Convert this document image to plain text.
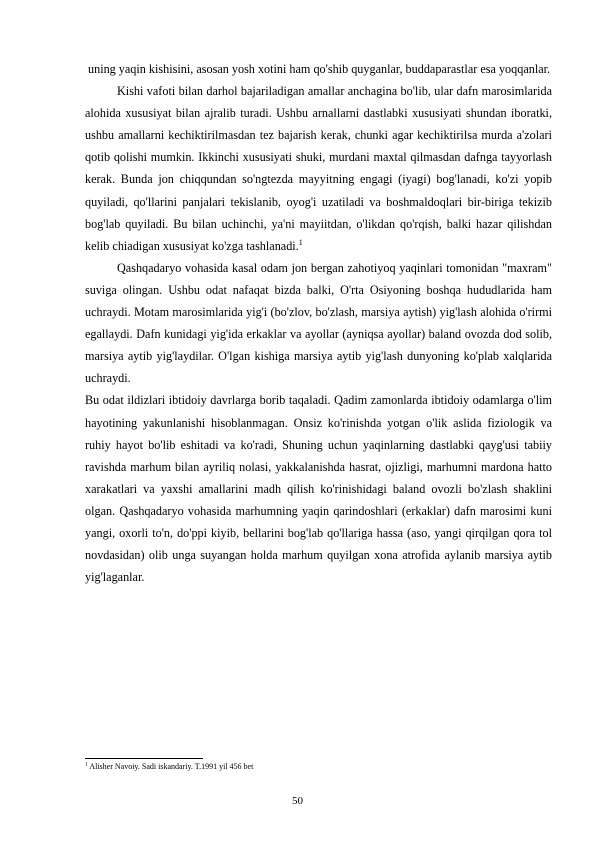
uning yaqin kishisini, asosan yosh xotini ham qo'shib quyganlar, buddaparastlar esa yoqqanlar.

Kishi vafoti bilan darhol bajariladigan amallar anchagina bo'lib, ular dafn marosimlarida alohida xususiyat bilan ajralib turadi. Ushbu arnallarni dastlabki xususiyati shundan iboratki, ushbu amallarni kechiktirilmasdan tez bajarish kerak, chunki agar kechiktirilsa murda a'zolari qotib qolishi mumkin. Ikkinchi xususiyati shuki, murdani maxtal qilmasdan dafnga tayyorlash kerak. Bunda jon chiqqundan so'ngtezda mayyitning engagi (iyagi) bog'lanadi, ko'zi yopib quyiladi, qo'llarini panjalari tekislanib, oyog'i uzatiladi va boshmaldoqlari bir-biriga tekizib bog'lab quyiladi. Bu bilan uchinchi, ya'ni mayiitdan, o'likdan qo'rqish, balki hazar qilishdan kelib chiadigan xususiyat ko'zga tashlanadi.$^1$

Qashqadaryo vohasida kasal odam jon bergan zahotiyoq yaqinlari tomonidan "maxram" suviga olingan. Ushbu odat nafaqat bizda balki, O'rta Osiyoning boshqa hududlarida ham uchraydi. Motam marosimlarida yig'i (bo'zlov, bo'zlash, marsiya aytish) yig'lash alohida o'rirmi egallaydi. Dafn kunidagi yig'ida erkaklar va ayollar (ayniqsa ayollar) baland ovozda dod solib, marsiya aytib yig'laydilar. O'lgan kishiga marsiya aytib yig'lash dunyoning ko'plab xalqlarida uchraydi.

Bu odat ildizlari ibtidoiy davrlarga borib taqaladi. Qadim zamonlarda ibtidoiy odamlarga o'lim hayotining yakunlanishi hisoblanmagan. Onsiz ko'rinishda yotgan o'lik aslida fiziologik va ruhiy hayot bo'lib eshitadi va ko'radi, Shuning uchun yaqinlarning dastlabki qayg'usi tabiiy ravishda marhum bilan ayriliq nolasi, yakkalanishda hasrat, ojizligi, marhumni mardona hatto xarakatlari va yaxshi amallarini madh qilish ko'rinishidagi baland ovozli bo'zlash shaklini olgan. Qashqadaryo vohasida marhumning yaqin qarindoshlari (erkaklar) dafn marosimi kuni yangi, oxorli to'n, do'ppi kiyib, bellarini bog'lab qo'llariga hassa (aso, yangi qirqilgan qora tol novdasidan) olib unga suyangan holda marhum quyilgan xona atrofida aylanib marsiya aytib yig'laganlar.

$^1$ Alisher Navoiy. Sadi iskandariy. T.1991 yil 456 bet
50
